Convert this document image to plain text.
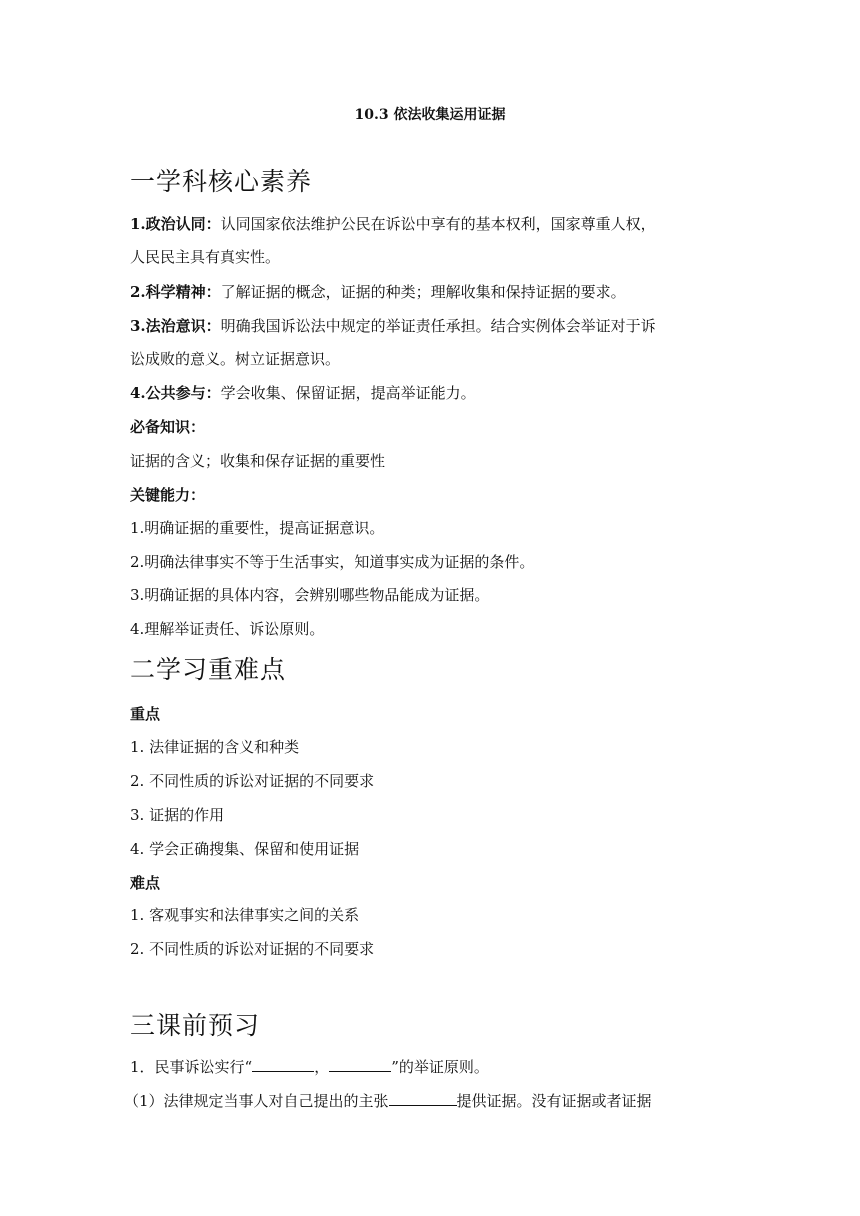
10.3 依法收集运用证据
一学科核心素养
1.政治认同：认同国家依法维护公民在诉讼中享有的基本权利，国家尊重人权，
人民民主具有真实性。
2.科学精神：了解证据的概念，证据的种类；理解收集和保持证据的要求。
3.法治意识：明确我国诉讼法中规定的举证责任承担。结合实例体会举证对于诉
讼成败的意义。树立证据意识。
4.公共参与：学会收集、保留证据，提高举证能力。
必备知识：
证据的含义；收集和保存证据的重要性
关键能力：
1.明确证据的重要性，提高证据意识。
2.明确法律事实不等于生活事实，知道事实成为证据的条件。
3.明确证据的具体内容，会辨别哪些物品能成为证据。
4.理解举证责任、诉讼原则。
二学习重难点
重点
1. 法律证据的含义和种类
2. 不同性质的诉讼对证据的不同要求
3. 证据的作用
4. 学会正确搜集、保留和使用证据
难点
1. 客观事实和法律事实之间的关系
2. 不同性质的诉讼对证据的不同要求
三课前预习
1．民事诉讼实行“	，	”的举证原则。
（1）法律规定当事人对自己提出的主张	提供证据。没有证据或者证据
